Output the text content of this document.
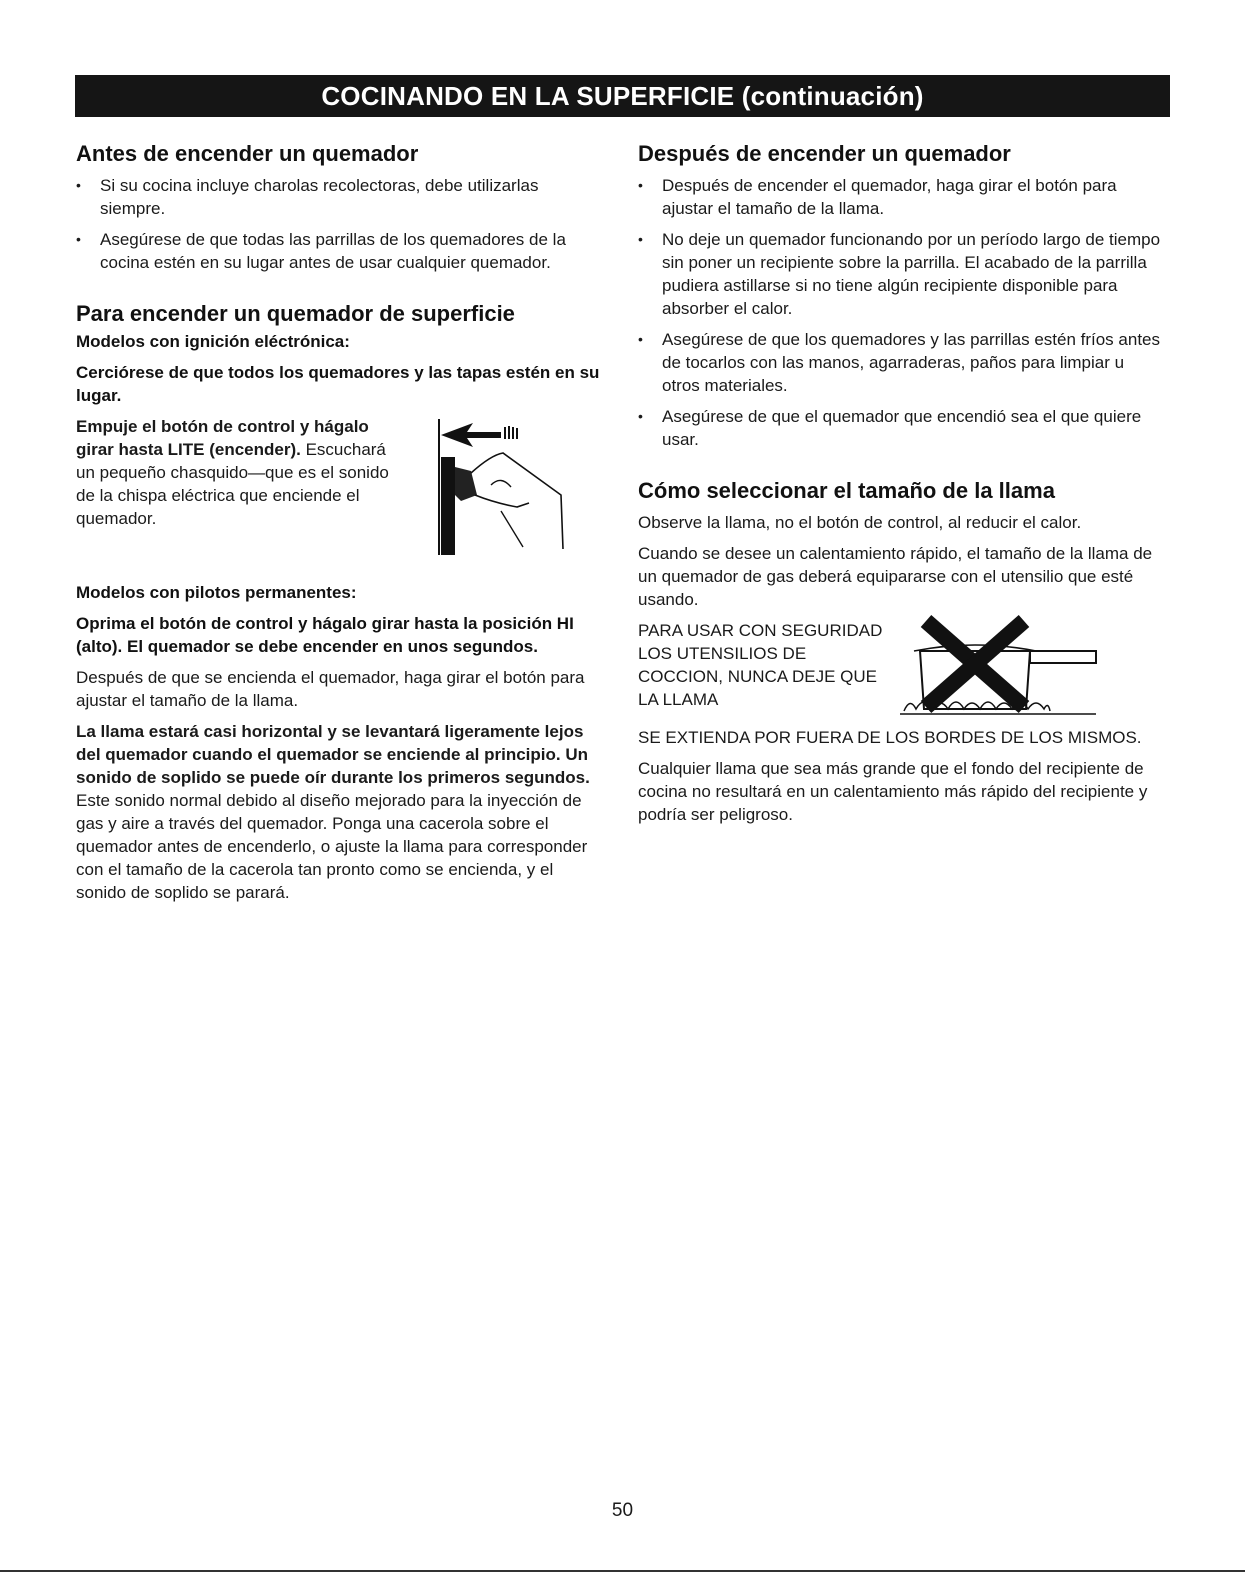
COCINANDO EN LA SUPERFICIE (continuación)
Antes de encender un quemador
• Si su cocina incluye charolas recolectoras, debe utilizarlas siempre.
• Asegúrese de que todas las parrillas de los quemadores de la cocina estén en su lugar antes de usar cualquier quemador.
Para encender un quemador de superficie

Modelos con ignición eléctrónica:

Cerciórese de que todos los quemadores y las tapas estén en su lugar.

Empuje el botón de control y hágalo girar hasta LITE (encender). Escuchará un pequeño chasquido—que es el sonido de la chispa eléctrica que enciende el quemador.

Modelos con pilotos permanentes:

Oprima el botón de control y hágalo girar hasta la posición HI (alto). El quemador se debe encender en unos segundos.

Después de que se encienda el quemador, haga girar el botón para ajustar el tamaño de la llama.

La llama estará casi horizontal y se levantará ligeramente lejos del quemador cuando el quemador se enciende al principio. Un sonido de soplido se puede oír durante los primeros segundos. Este sonido normal debido al diseño mejorado para la inyección de gas y aire a través del quemador. Ponga una cacerola sobre el quemador antes de encenderlo, o ajuste la llama para corresponder con el tamaño de la cacerola tan pronto como se encienda, y el sonido de soplido se parará.

Después de encender un quemador
• Después de encender el quemador, haga girar el botón para ajustar el tamaño de la llama.
• No deje un quemador funcionando por un período largo de tiempo sin poner un recipiente sobre la parrilla. El acabado de la parrilla pudiera astillarse si no tiene algún recipiente disponible para absorber el calor.
• Asegúrese de que los quemadores y las parrillas estén fríos antes de tocarlos con las manos, agarraderas, paños para limpiar u otros materiales.
• Asegúrese de que el quemador que encendió sea el que quiere usar.
Cómo seleccionar el tamaño de la llama

Observe la llama, no el botón de control, al reducir el calor.

Cuando se desee un calentamiento rápido, el tamaño de la llama de un quemador de gas deberá equipararse con el utensilio que esté usando.

PARA USAR CON SEGURIDAD LOS UTENSILIOS DE COCCION, NUNCA DEJE QUE LA LLAMA

SE EXTIENDA POR FUERA DE LOS BORDES DE LOS MISMOS.

Cualquier llama que sea más grande que el fondo del recipiente de cocina no resultará en un calentamiento más rápido del recipiente y podría ser peligroso.

50
